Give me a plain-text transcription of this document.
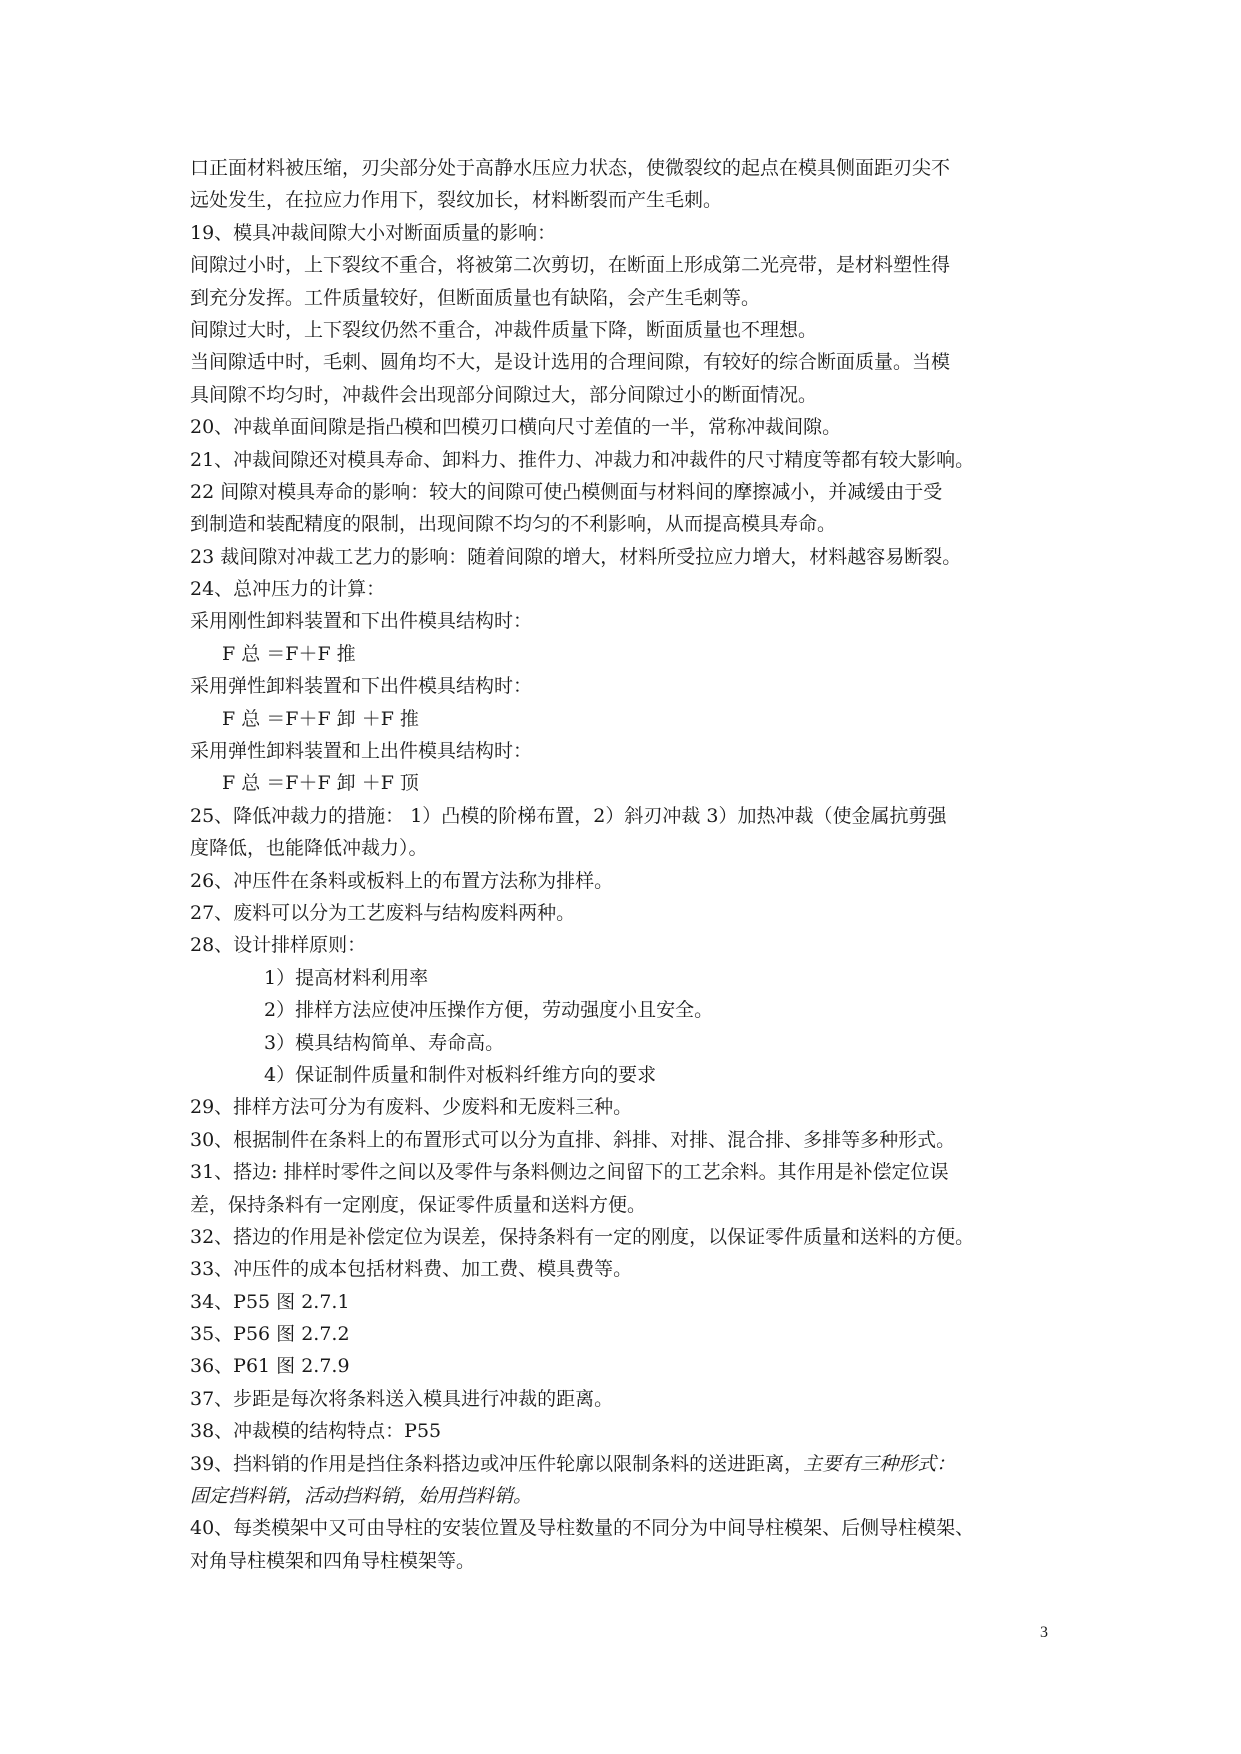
口正面材料被压缩，刃尖部分处于高静水压应力状态，使微裂纹的起点在模具侧面距刃尖不
远处发生，在拉应力作用下，裂纹加长，材料断裂而产生毛刺。
19、模具冲裁间隙大小对断面质量的影响：
间隙过小时，上下裂纹不重合，将被第二次剪切，在断面上形成第二光亮带，是材料塑性得
到充分发挥。工件质量较好，但断面质量也有缺陷，会产生毛刺等。
间隙过大时，上下裂纹仍然不重合，冲裁件质量下降，断面质量也不理想。
当间隙适中时，毛刺、圆角均不大，是设计选用的合理间隙，有较好的综合断面质量。当模
具间隙不均匀时，冲裁件会出现部分间隙过大，部分间隙过小的断面情况。
20、冲裁单面间隙是指凸模和凹模刃口横向尺寸差值的一半，常称冲裁间隙。
21、冲裁间隙还对模具寿命、卸料力、推件力、冲裁力和冲裁件的尺寸精度等都有较大影响。
22 间隙对模具寿命的影响：较大的间隙可使凸模侧面与材料间的摩擦减小，并减缓由于受
到制造和装配精度的限制，出现间隙不均匀的不利影响，从而提高模具寿命。
23 裁间隙对冲裁工艺力的影响：随着间隙的增大，材料所受拉应力增大，材料越容易断裂。
24、总冲压力的计算：
采用刚性卸料装置和下出件模具结构时：
F 总 ＝F＋F 推
采用弹性卸料装置和下出件模具结构时：
F 总 ＝F＋F 卸 ＋F 推
采用弹性卸料装置和上出件模具结构时：
F 总 ＝F＋F 卸 ＋F 顶
25、降低冲裁力的措施： 1）凸模的阶梯布置，2）斜刃冲裁 3）加热冲裁（使金属抗剪强
度降低，也能降低冲裁力）。
26、冲压件在条料或板料上的布置方法称为排样。
27、废料可以分为工艺废料与结构废料两种。
28、设计排样原则：
1）提高材料利用率
2）排样方法应使冲压操作方便，劳动强度小且安全。
3）模具结构简单、寿命高。
4）保证制件质量和制件对板料纤维方向的要求
29、排样方法可分为有废料、少废料和无废料三种。
30、根据制件在条料上的布置形式可以分为直排、斜排、对排、混合排、多排等多种形式。
31、搭边: 排样时零件之间以及零件与条料侧边之间留下的工艺余料。其作用是补偿定位误
差，保持条料有一定刚度，保证零件质量和送料方便。
32、搭边的作用是补偿定位为误差，保持条料有一定的刚度，以保证零件质量和送料的方便。
33、冲压件的成本包括材料费、加工费、模具费等。
34、P55 图 2.7.1
35、P56 图 2.7.2
36、P61 图 2.7.9
37、步距是每次将条料送入模具进行冲裁的距离。
38、冲裁模的结构特点：P55
39、挡料销的作用是挡住条料搭边或冲压件轮廓以限制条料的送进距离，主要有三种形式：
固定挡料销，活动挡料销，始用挡料销。
40、每类模架中又可由导柱的安装位置及导柱数量的不同分为中间导柱模架、后侧导柱模架、
对角导柱模架和四角导柱模架等。
3
